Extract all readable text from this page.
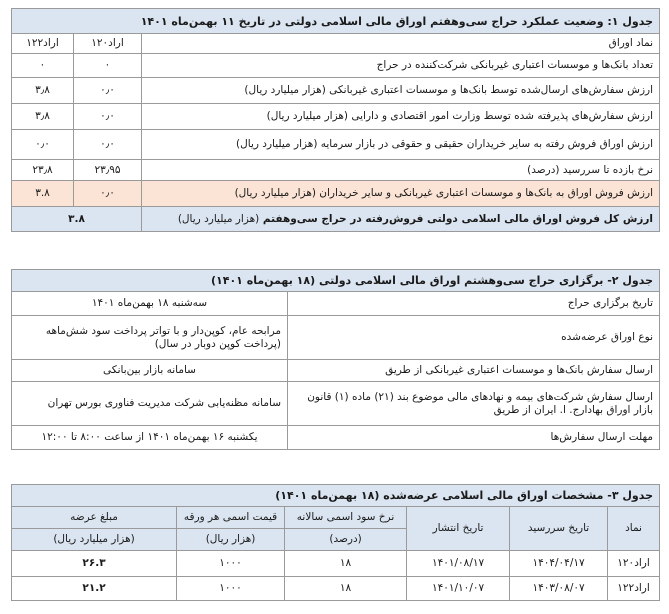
جدول ۱: وضعیت عملکرد حراج سی‌وهفتم اوراق مالی اسلامی دولتی در تاریخ ۱۱ بهمن‌ماه ۱۴۰۱		
نماد اوراق	اراد۱۲۰	اراد۱۲۲
تعداد بانک‌ها و موسسات اعتباری غیربانکی شرکت‌کننده در حراج	۰	۰
ارزش سفارش‌های ارسال‌شده توسط بانک‌ها و موسسات اعتباری غیربانکی (هزار میلیارد ریال)	۰٫۰	۳٫۸
ارزش سفارش‌های پذیرفته شده توسط وزارت امور اقتصادی و دارایی (هزار میلیارد ریال)	۰٫۰	۳٫۸
ارزش اوراق فروش رفته به سایر خریداران حقیقی و حقوقی در بازار سرمایه (هزار میلیارد ریال)	۰٫۰	۰٫۰
نرخ بازده تا سررسید (درصد)	۲۳٫۹۵	۲۳٫۸
ارزش فروش اوراق به بانک‌ها و موسسات اعتباری غیربانکی و سایر خریداران (هزار میلیارد ریال)	۰٫۰	۳.۸
ارزش کل فروش اوراق مالی اسلامی دولتی فروش‌رفته در حراج سی‌وهفتم (هزار میلیارد ریال)	۳.۸	
جدول ۲- برگزاری حراج سی‌وهشتم اوراق مالی اسلامی دولتی (۱۸ بهمن‌ماه ۱۴۰۱)	
تاریخ برگزاری حراج	سه‌شنبه ۱۸ بهمن‌ماه ۱۴۰۱
نوع اوراق عرضه‌شده	مرابحه عام، کوپن‌دار و با تواتر پرداخت سود شش‌ماهه (پرداخت کوپن دوبار در سال)
ارسال سفارش بانک‌ها و موسسات اعتباری غیربانکی از طریق	سامانه بازار بین‌بانکی
ارسال سفارش شرکت‌های بیمه و نهادهای مالی موضوع بند (۲۱) ماده (۱) قانون بازار اوراق بهادارج. ا. ایران از طریق	سامانه مظنه‌یابی شرکت مدیریت فناوری بورس تهران
مهلت ارسال سفارش‌ها	یکشنبه ۱۶ بهمن‌ماه ۱۴۰۱ از ساعت ۸:۰۰ تا ۱۲:۰۰
جدول ۳- مشخصات اوراق مالی اسلامی عرضه‌شده (۱۸ بهمن‌ماه ۱۴۰۱)					
نماد	تاریخ سررسید	تاریخ انتشار	نرخ سود اسمی سالانه	قیمت اسمی هر ورقه	مبلغ عرضه
			(درصد)	(هزار ریال)	(هزار میلیارد ریال)
اراد۱۲۰	۱۴۰۴/۰۴/۱۷	۱۴۰۱/۰۸/۱۷	۱۸	۱۰۰۰	۲۶.۳
اراد۱۲۲	۱۴۰۳/۰۸/۰۷	۱۴۰۱/۱۰/۰۷	۱۸	۱۰۰۰	۲۱.۲
